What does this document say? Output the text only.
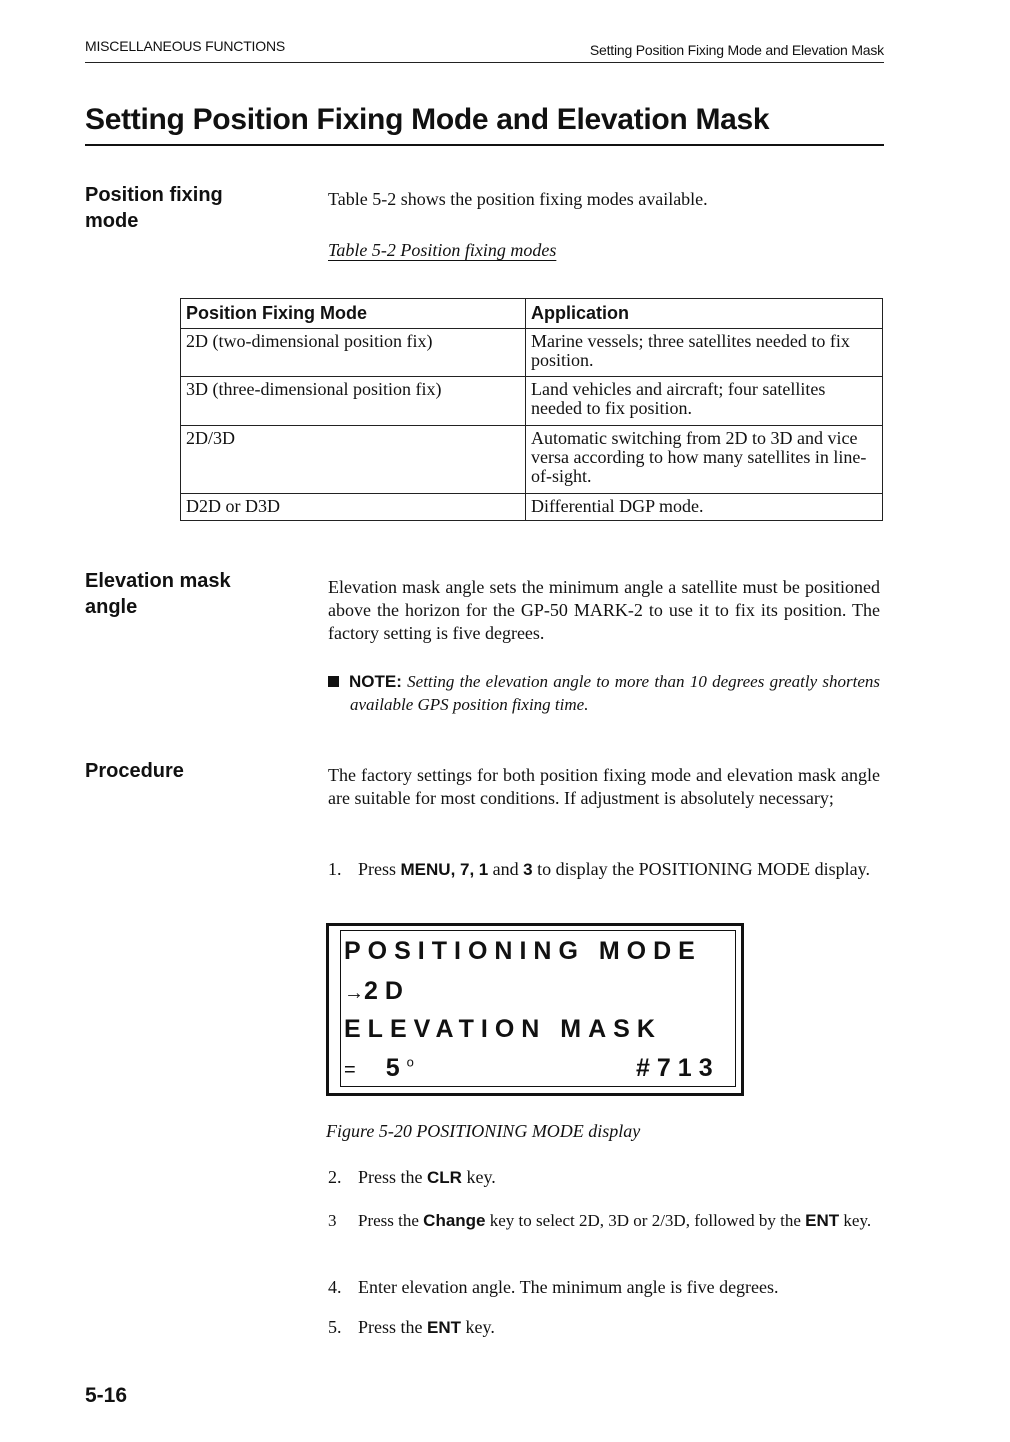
MISCELLANEOUS FUNCTIONS	Setting Position Fixing Mode and Elevation Mask
Setting Position Fixing Mode and Elevation Mask
Position fixing
mode
Table 5-2 shows the position fixing modes available.
Table 5-2 Position fixing modes
Position Fixing Mode	Application
2D (two-dimensional position fix)	Marine vessels; three satellites needed to fix position.
3D (three-dimensional position fix)	Land vehicles and aircraft; four satellites needed to fix position.
2D/3D	Automatic switching from 2D to 3D and vice versa according to how many satellites in line-of-sight.
D2D or D3D	Differential DGP mode.
Elevation mask
angle
Elevation mask angle sets the minimum angle a satellite must be positioned above the horizon for the GP-50 MARK-2 to use it to fix its position. The factory setting is five degrees.
NOTE: Setting the elevation angle to more than 10 degrees greatly shortens available GPS position fixing time.
Procedure	The factory settings for both position fixing mode and elevation mask angle are suitable for most conditions. If adjustment is absolutely necessary;
1. Press MENU, 7, 1 and 3 to display the POSITIONING MODE display.
POSITIONING MODE
→2D
ELEVATION MASK
= $5^o$	#713
Figure 5-20 POSITIONING MODE display
2. Press the CLR key.
3 Press the Change key to select 2D, 3D or 2/3D, followed by the ENT key.
4. Enter elevation angle. The minimum angle is five degrees.
5. Press the ENT key.
5-16
